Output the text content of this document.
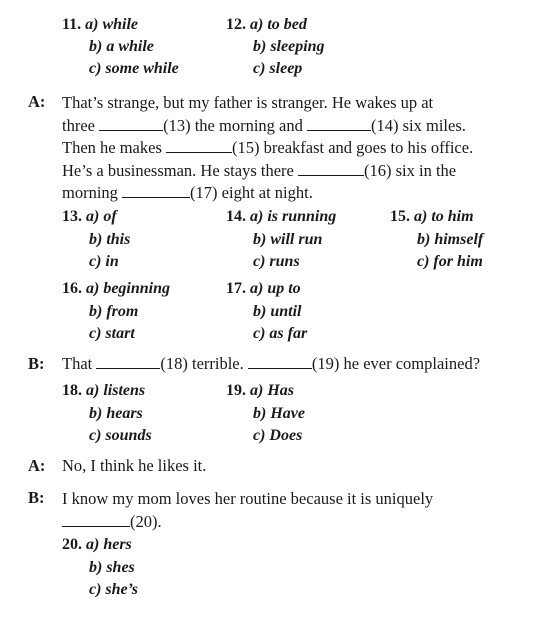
11. a) while
b) a while
c) some while
12. a) to bed
b) sleeping
c) sleep
A: That’s strange, but my father is stranger. He wakes up at
three	(13) the morning and	(14) six miles.
Then he makes	(15) breakfast and goes to his office.
He’s a businessman. He stays there	(16) six in the
morning	(17) eight at night.
13. a) of
b) this
c) in
14. a) is running
b) will run
c) runs
15. a) to him
b) himself
c) for him
16. a) beginning
b) from
c) start
17. a) up to
b) until
c) as far
B: That	(18) terrible.	(19) he ever complained?
18. a) listens
b) hears
c) sounds
19. a) Has
b) Have
c) Does
A: No, I think he likes it.
B: I know my mom loves her routine because it is uniquely
(20).
20. a) hers
b) shes
c) she’s
